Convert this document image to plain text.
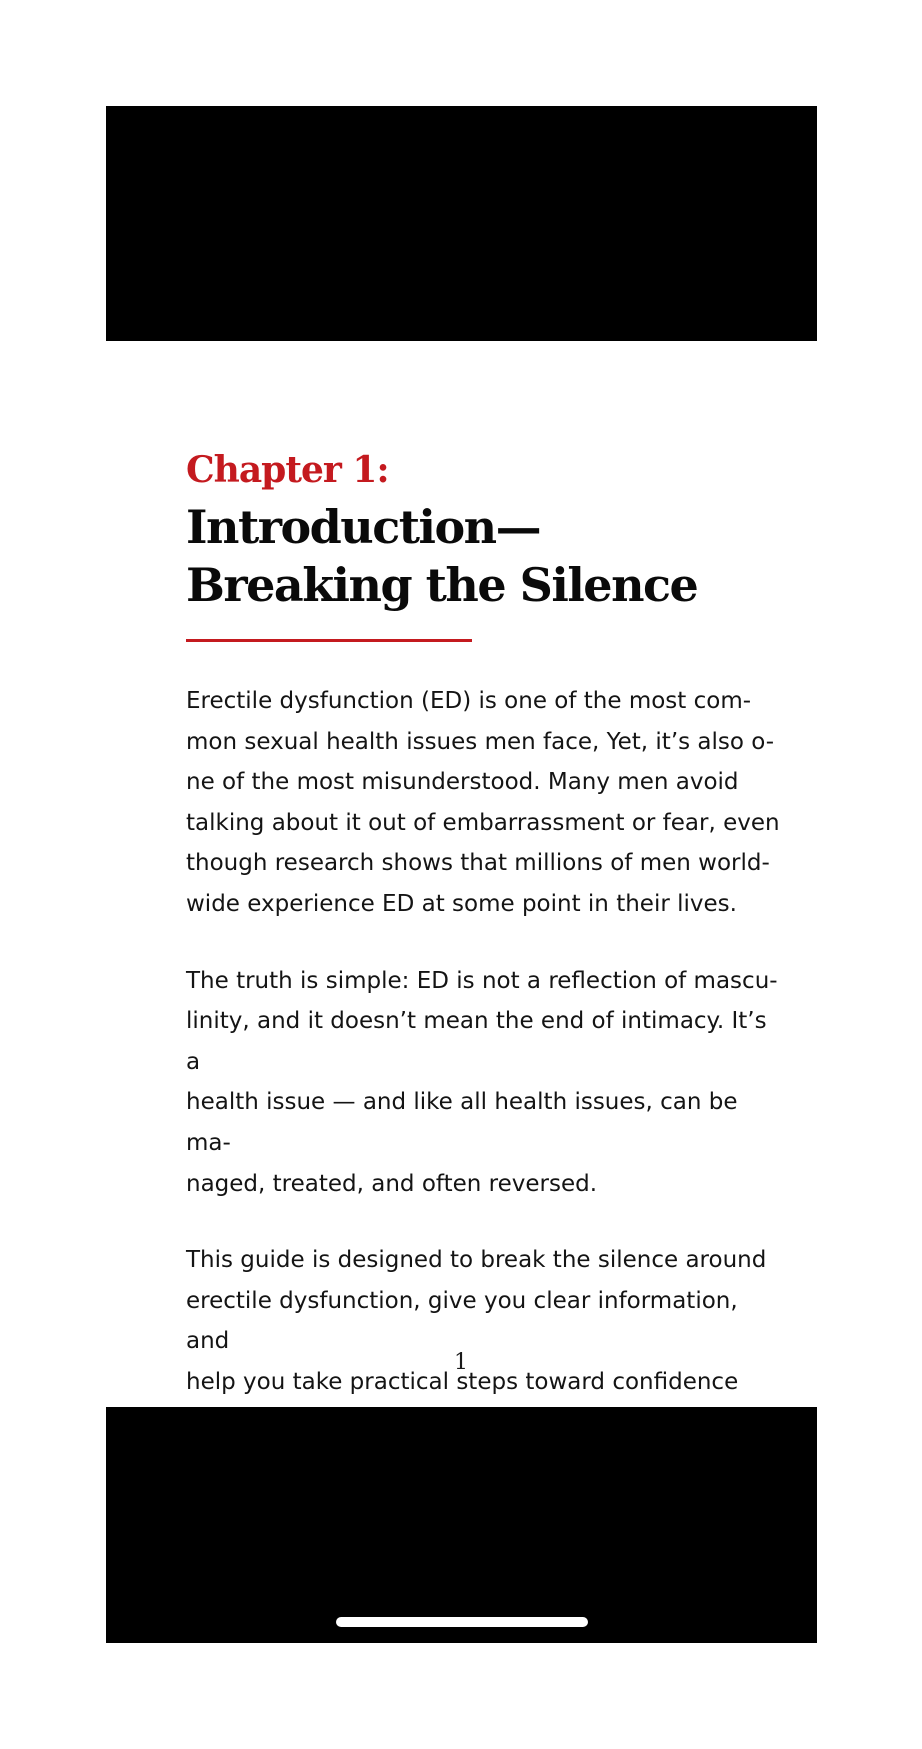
Chapter 1:
Introduction—
Breaking the Silence

Erectile dysfunction (ED) is one of the most com-
mon sexual health issues men face, Yet, it’s also o-
ne of the most misunderstood. Many men avoid
talking about it out of embarrassment or fear, even
though research shows that millions of men world-
wide experience ED at some point in their lives.

The truth is simple: ED is not a reflection of mascu-
linity, and it doesn’t mean the end of intimacy. It’s a
health issue — and like all health issues, can be ma-
naged, treated, and often reversed.

This guide is designed to break the silence around
erectile dysfunction, give you clear information, and
help you take practical steps toward confidence

1
